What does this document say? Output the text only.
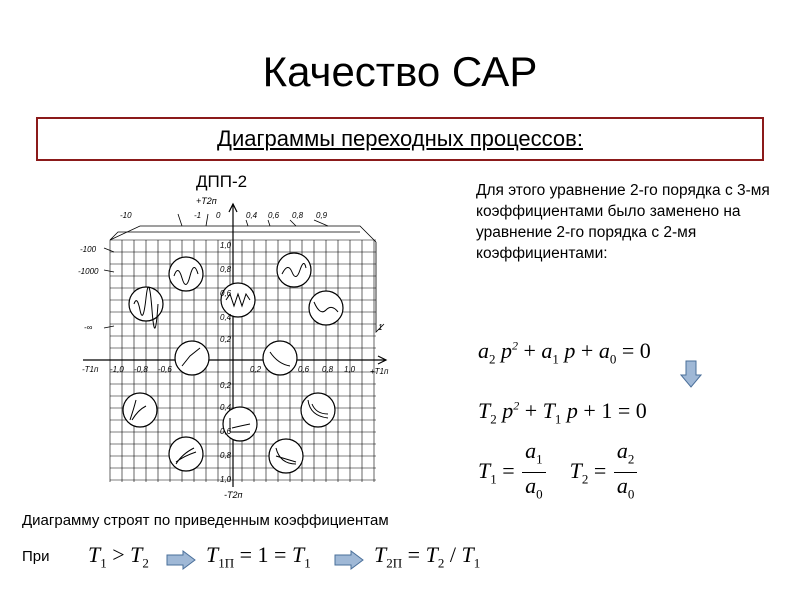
Качество САР
Диаграммы переходных процессов:
ДПП-2
+T2п
-10	-1 0	0,4 0,6 0,8 0,9
-100
-1000
-∞	1
1,0
0,8
0,6
0,4
0,2
0,2
0,4
0,6
0,8
1,0
-T2п
-T1п -1,0 -0,8 -0,6	0,2	0,6 0,8 1,0 +T1п
Для этого уравнение 2-го порядка с 3-мя коэффициентами было заменено на уравнение 2-го порядка с 2-мя коэффициентами:
$a_2$ $p^2 + a_1$ $p + a_0 = 0$
$T_2$ $p^2 + T_1$ p + 1 = 0
$T_1 = \frac{a_1}{a_0} T_2 = \frac{a_2}{a_0}$
Диаграмму строят по приведенным коэффициентам
При $T_1 > T_2$	$T_{1П} = 1 = T_1$	$T_{2П} = T_2 / T_1$
